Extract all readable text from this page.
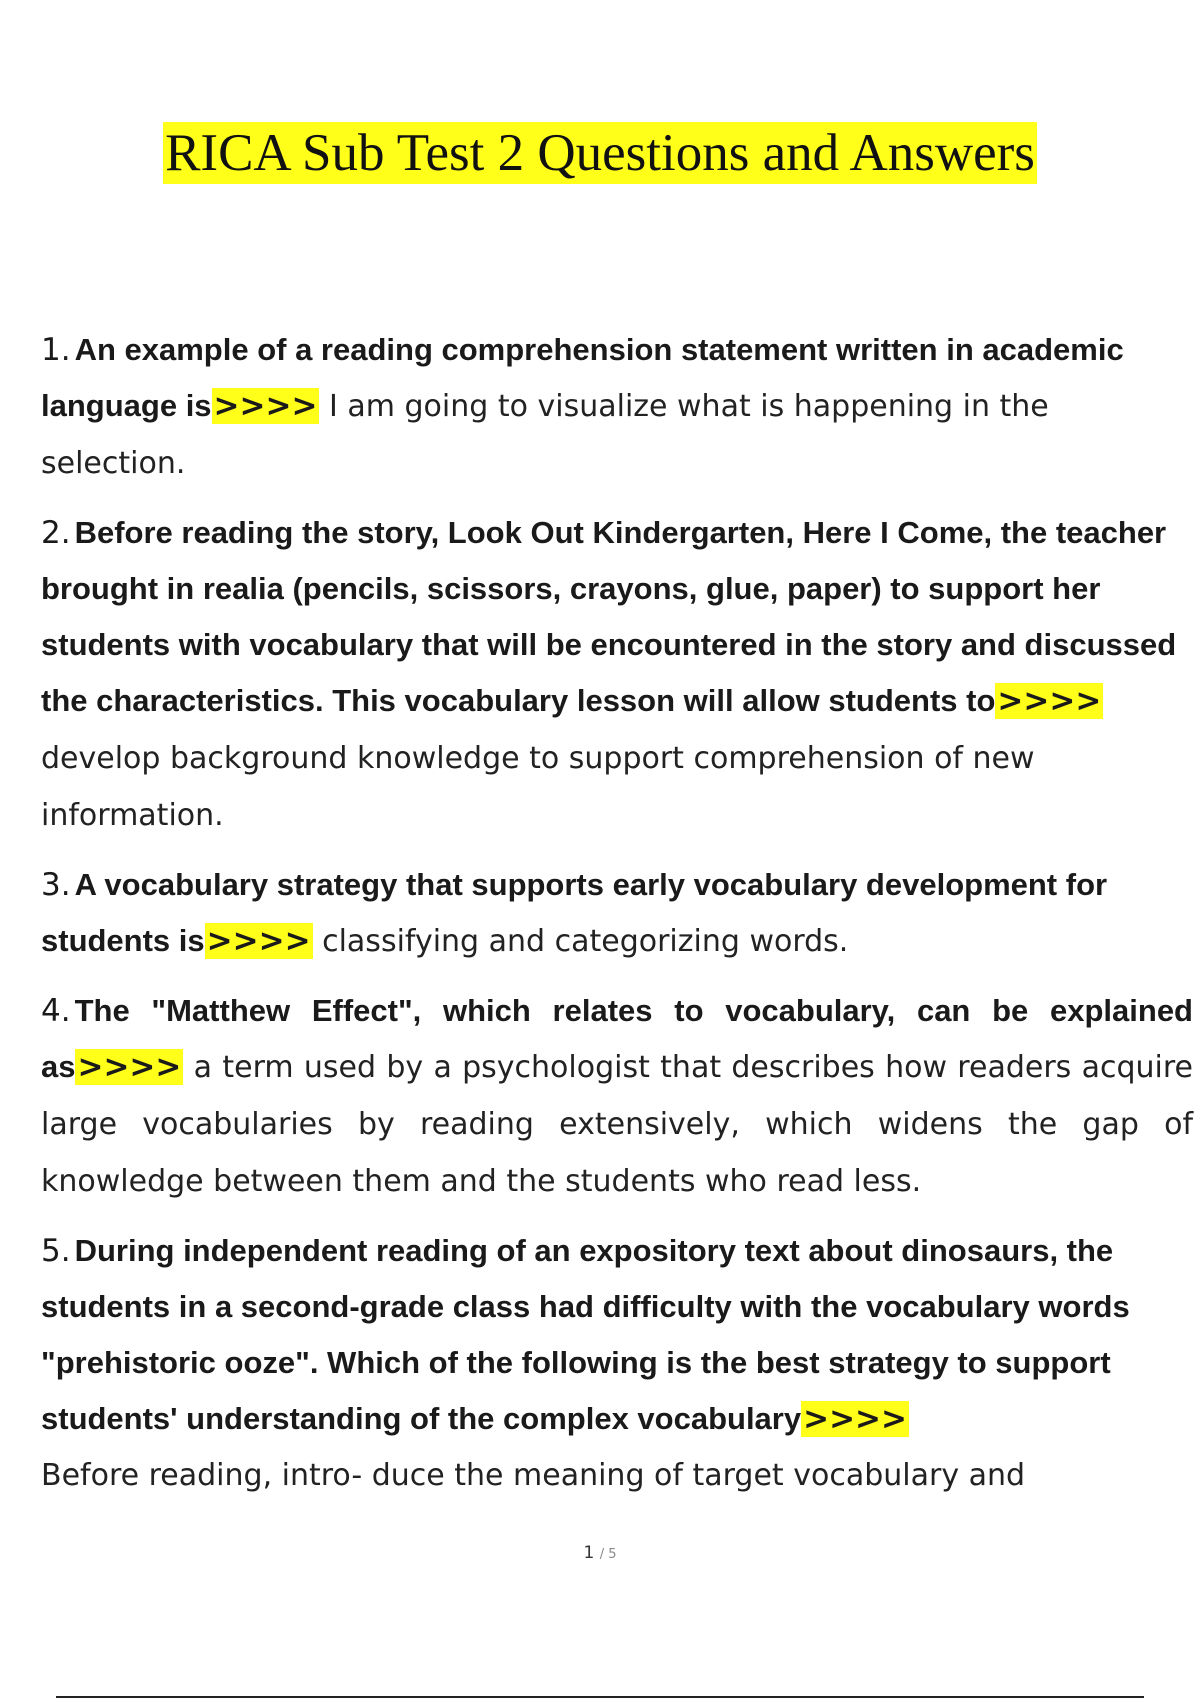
RICA Sub Test 2 Questions and Answers

1. An example of a reading comprehension statement written in academic language is>>>> I am going to visualize what is happening in the selection.

2. Before reading the story, Look Out Kindergarten, Here I Come, the teacher brought in realia (pencils, scissors, crayons, glue, paper) to support her students with vocabulary that will be encountered in the story and discussed the characteristics. This vocabulary lesson will allow students to>>>> develop background knowledge to support comprehension of new information.

3. A vocabulary strategy that supports early vocabulary development for students is>>>> classifying and categorizing words.

4. The "Matthew Effect", which relates to vocabulary, can be explained as>>>> a term used by a psychologist that describes how readers acquire large vocabularies by reading extensively, which widens the gap of knowledge between them and the students who read less.

5. During independent reading of an expository text about dinosaurs, the students in a second-grade class had difficulty with the vocabulary words "prehistoric ooze". Which of the following is the best strategy to support students' understanding of the complex vocabulary>>>>
Before reading, intro- duce the meaning of target vocabulary and

1 / 5
